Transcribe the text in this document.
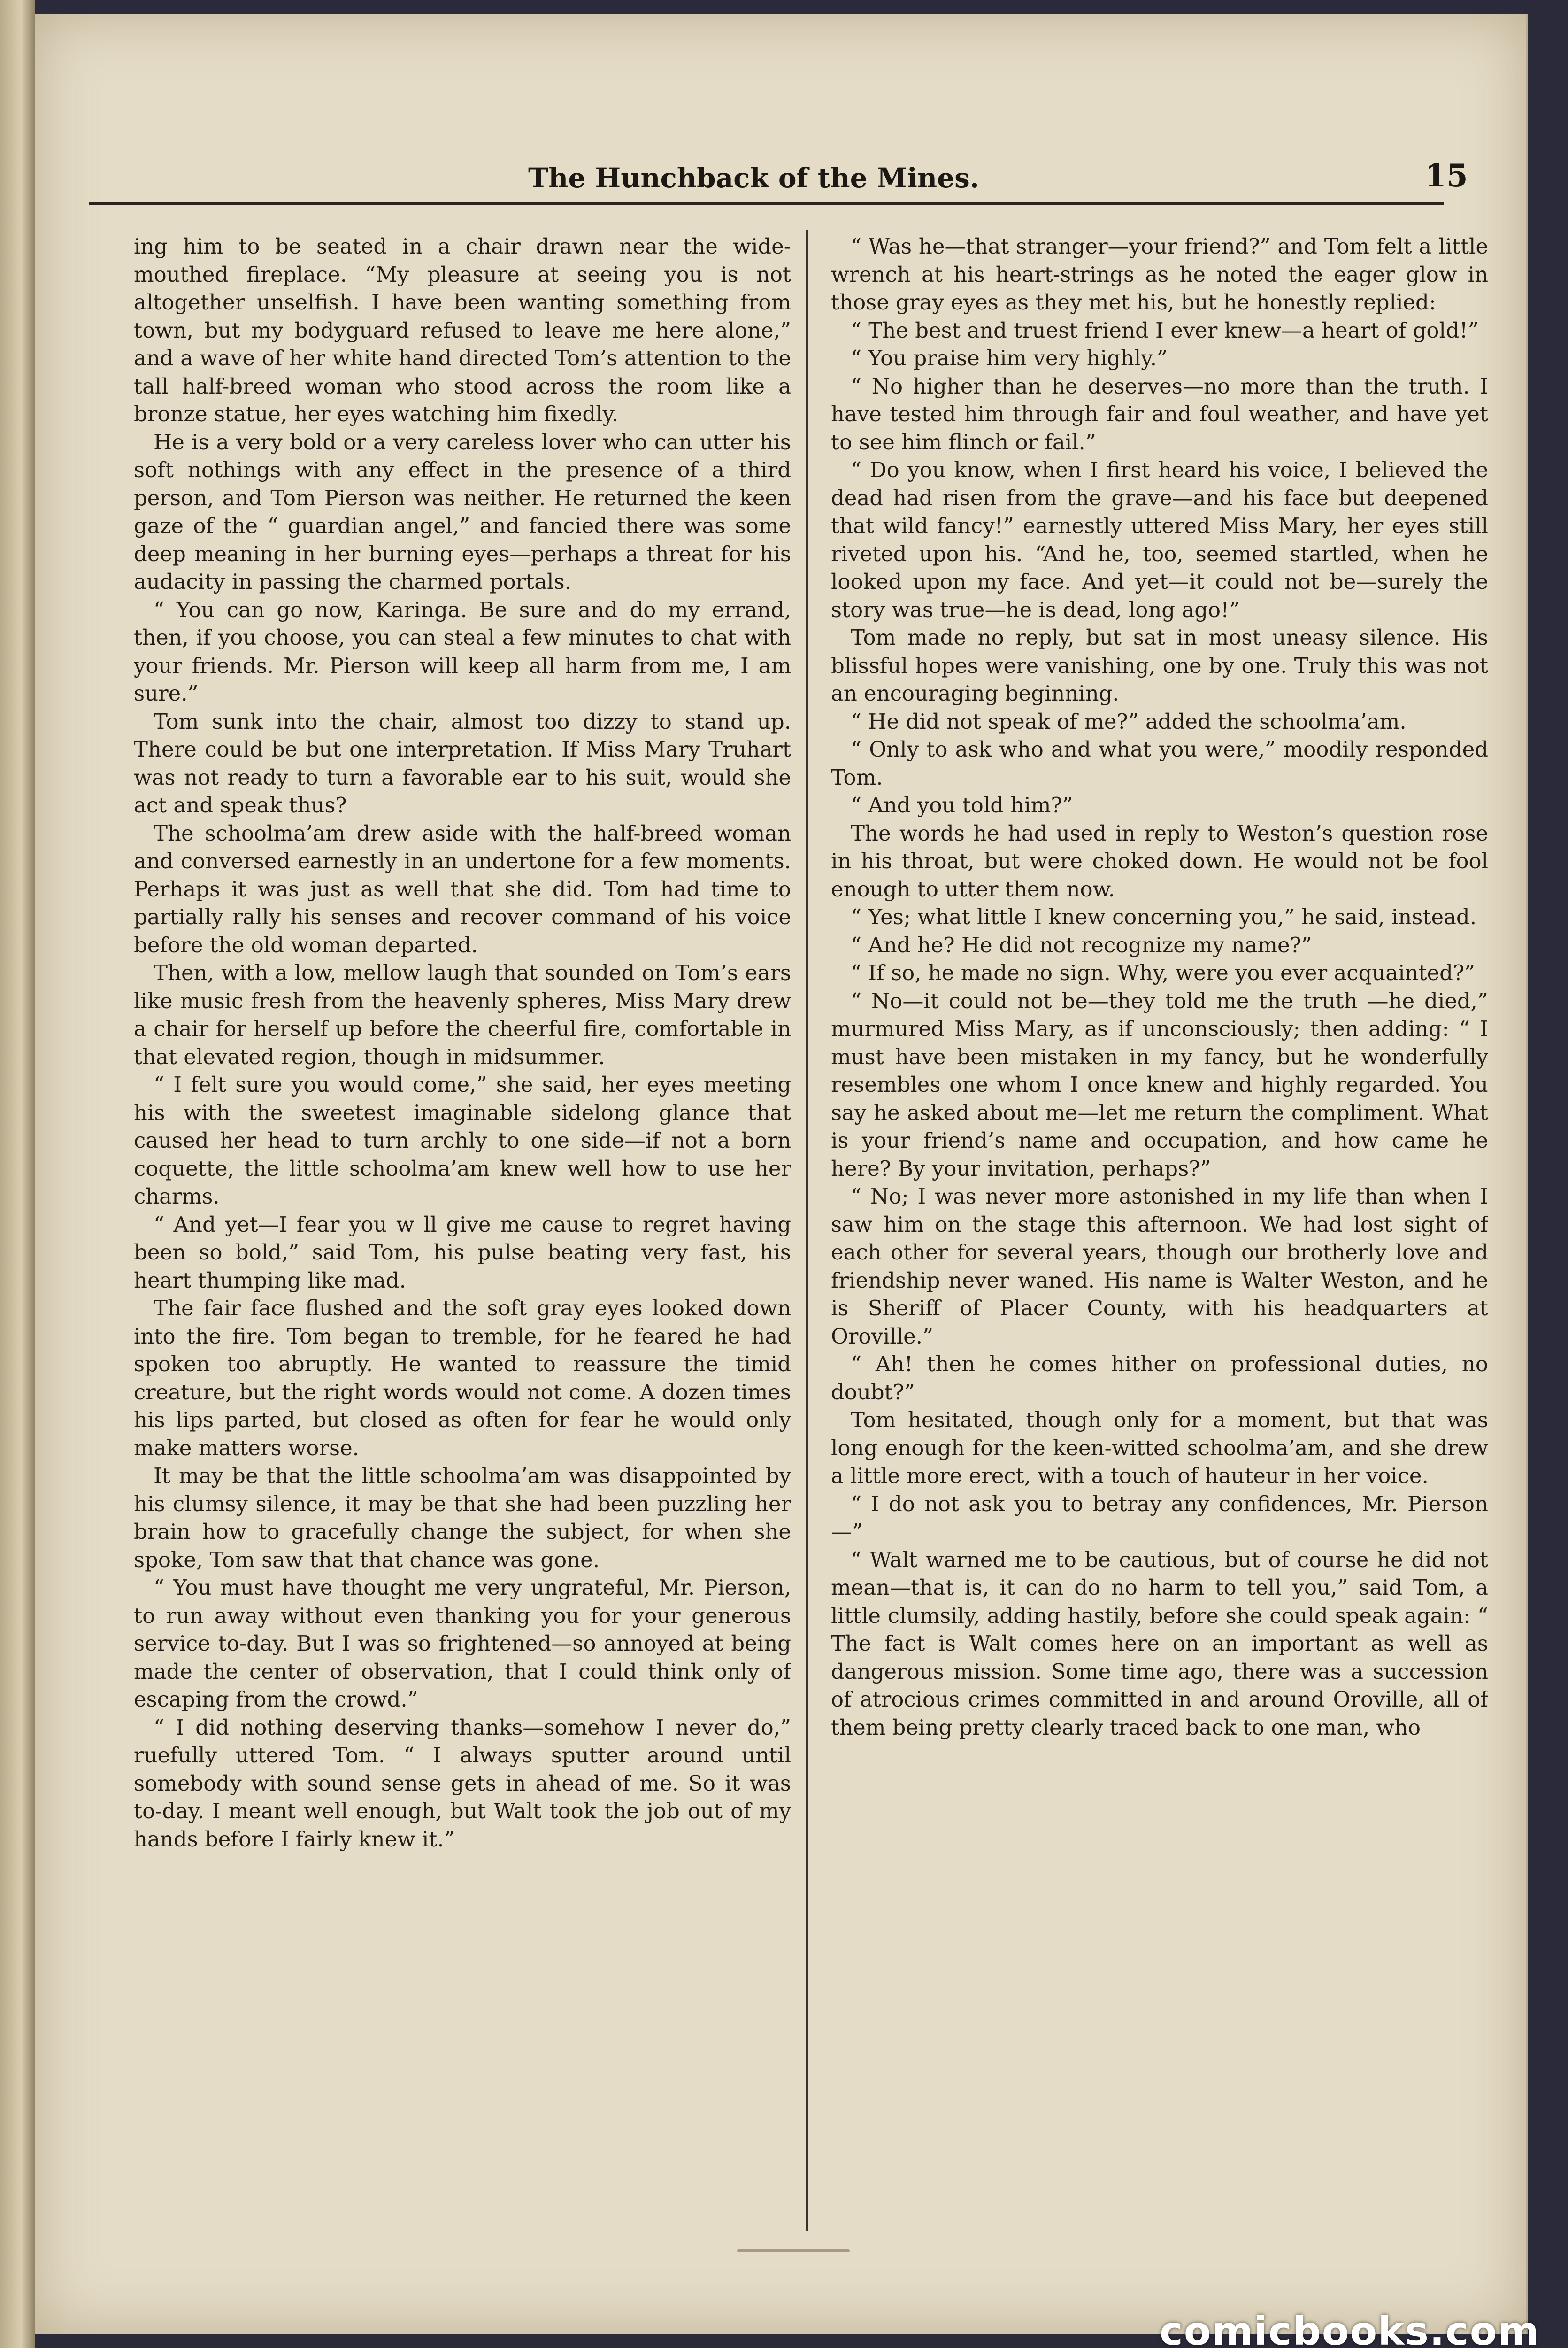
The Hunchback of the Mines.	15

ing him to be seated in a chair drawn near the wide-mouthed fireplace. “My pleasure at seeing you is not altogether unselfish. I have been wanting something from town, but my bodyguard refused to leave me here alone,” and a wave of her white hand directed Tom’s attention to the tall half-breed woman who stood across the room like a bronze statue, her eyes watching him fixedly.

He is a very bold or a very careless lover who can utter his soft nothings with any effect in the presence of a third person, and Tom Pierson was neither. He returned the keen gaze of the “ guardian angel,” and fancied there was some deep meaning in her burning eyes—perhaps a threat for his audacity in passing the charmed portals.

“ You can go now, Karinga. Be sure and do my errand, then, if you choose, you can steal a few minutes to chat with your friends. Mr. Pierson will keep all harm from me, I am sure.”

Tom sunk into the chair, almost too dizzy to stand up. There could be but one interpretation. If Miss Mary Truhart was not ready to turn a favorable ear to his suit, would she act and speak thus?

The schoolma’am drew aside with the half-breed woman and conversed earnestly in an undertone for a few moments. Perhaps it was just as well that she did. Tom had time to partially rally his senses and recover command of his voice before the old woman departed.

Then, with a low, mellow laugh that sounded on Tom’s ears like music fresh from the heavenly spheres, Miss Mary drew a chair for herself up before the cheerful fire, comfortable in that elevated region, though in midsummer.

“ I felt sure you would come,” she said, her eyes meeting his with the sweetest imaginable sidelong glance that caused her head to turn archly to one side—if not a born coquette, the little schoolma’am knew well how to use her charms.

“ And yet—I fear you w ll give me cause to regret having been so bold,” said Tom, his pulse beating very fast, his heart thumping like mad.

The fair face flushed and the soft gray eyes looked down into the fire. Tom began to tremble, for he feared he had spoken too abruptly. He wanted to reassure the timid creature, but the right words would not come. A dozen times his lips parted, but closed as often for fear he would only make matters worse.

It may be that the little schoolma’am was disappointed by his clumsy silence, it may be that she had been puzzling her brain how to gracefully change the subject, for when she spoke, Tom saw that that chance was gone.

“ You must have thought me very ungrateful, Mr. Pierson, to run away without even thanking you for your generous service to-day. But I was so frightened—so annoyed at being made the center of observation, that I could think only of escaping from the crowd.”

“ I did nothing deserving thanks—somehow I never do,” ruefully uttered Tom. “ I always sputter around until somebody with sound sense gets in ahead of me. So it was to-day. I meant well enough, but Walt took the job out of my hands before I fairly knew it.”

“ Was he—that stranger—your friend?” and Tom felt a little wrench at his heart-strings as he noted the eager glow in those gray eyes as they met his, but he honestly replied:

“ The best and truest friend I ever knew—a heart of gold!”

“ You praise him very highly.”

“ No higher than he deserves—no more than the truth. I have tested him through fair and foul weather, and have yet to see him flinch or fail.”

“ Do you know, when I first heard his voice, I believed the dead had risen from the grave—and his face but deepened that wild fancy!” earnestly uttered Miss Mary, her eyes still riveted upon his. “And he, too, seemed startled, when he looked upon my face. And yet—it could not be—surely the story was true—he is dead, long ago!”

Tom made no reply, but sat in most uneasy silence. His blissful hopes were vanishing, one by one. Truly this was not an encouraging beginning.

“ He did not speak of me?” added the schoolma’am.

“ Only to ask who and what you were,” moodily responded Tom.

“ And you told him?”

The words he had used in reply to Weston’s question rose in his throat, but were choked down. He would not be fool enough to utter them now.

“ Yes; what little I knew concerning you,” he said, instead.

“ And he? He did not recognize my name?”

“ If so, he made no sign. Why, were you ever acquainted?”

“ No—it could not be—they told me the truth —he died,” murmured Miss Mary, as if unconsciously; then adding: “ I must have been mistaken in my fancy, but he wonderfully resembles one whom I once knew and highly regarded. You say he asked about me—let me return the compliment. What is your friend’s name and occupation, and how came he here? By your invitation, perhaps?”

“ No; I was never more astonished in my life than when I saw him on the stage this afternoon. We had lost sight of each other for several years, though our brotherly love and friendship never waned. His name is Walter Weston, and he is Sheriff of Placer County, with his headquarters at Oroville.”

“ Ah! then he comes hither on professional duties, no doubt?”

Tom hesitated, though only for a moment, but that was long enough for the keen-witted schoolma’am, and she drew a little more erect, with a touch of hauteur in her voice.

“ I do not ask you to betray any confidences, Mr. Pierson—”

“ Walt warned me to be cautious, but of course he did not mean—that is, it can do no harm to tell you,” said Tom, a little clumsily, adding hastily, before she could speak again: “ The fact is Walt comes here on an important as well as dangerous mission. Some time ago, there was a succession of atrocious crimes committed in and around Oroville, all of them being pretty clearly traced back to one man, who

comicbooks.com
